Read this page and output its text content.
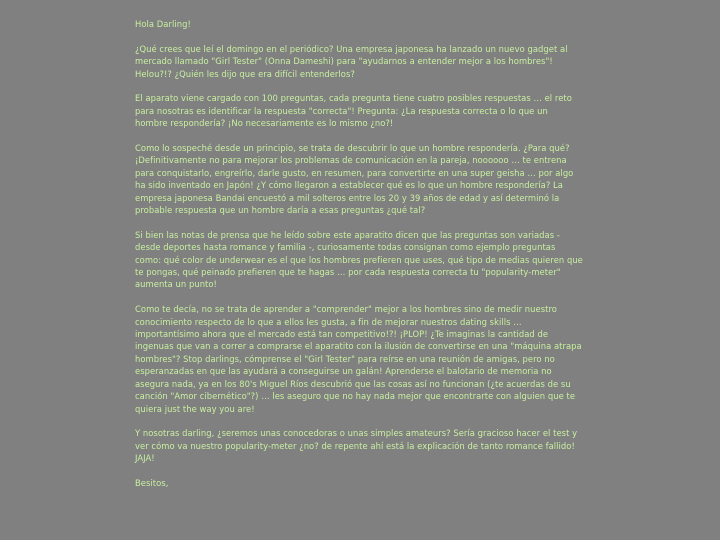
Hola Darling!

¿Qué crees que leí el domingo en el periódico? Una empresa japonesa ha lanzado un nuevo gadget al mercado llamado "Girl Tester" (Onna Dameshi) para "ayudarnos a entender mejor a los hombres"! Helou?!? ¿Quién les dijo que era difícil entenderlos?

El aparato viene cargado con 100 preguntas, cada pregunta tiene cuatro posibles respuestas … el reto para nosotras es identificar la respuesta "correcta"! Pregunta: ¿La respuesta correcta o lo que un hombre respondería? ¡No necesariamente es lo mismo ¿no?!

Como lo sospeché desde un principio, se trata de descubrir lo que un hombre respondería. ¿Para qué? ¡Definitivamente no para mejorar los problemas de comunicación en la pareja, noooooo … te entrena para conquistarlo, engreírlo, darle gusto, en resumen, para convertirte en una super geisha … por algo ha sido inventado en Japón! ¿Y cómo llegaron a establecer qué es lo que un hombre respondería? La empresa japonesa Bandai encuestó a mil solteros entre los 20 y 39 años de edad y así determinó la probable respuesta que un hombre daría a esas preguntas ¿qué tal?

Si bien las notas de prensa que he leído sobre este aparatito dicen que las preguntas son variadas - desde deportes hasta romance y familia -, curiosamente todas consignan como ejemplo preguntas como: qué color de underwear es el que los hombres prefieren que uses, qué tipo de medias quieren que te pongas, qué peinado prefieren que te hagas … por cada respuesta correcta tu "popularity-meter" aumenta un punto!

Como te decía, no se trata de aprender a "comprender" mejor a los hombres sino de medir nuestro conocimiento respecto de lo que a ellos les gusta, a fin de mejorar nuestros dating skills … importantísimo ahora que el mercado está tan competitivo!?! ¡PLOP! ¿Te imaginas la cantidad de ingenuas que van a correr a comprarse el aparatito con la ilusión de convertirse en una "máquina atrapa hombres"? Stop darlings, cómprense el "Girl Tester" para reírse en una reunión de amigas, pero no esperanzadas en que las ayudará a conseguirse un galán! Aprenderse el balotario de memoria no asegura nada, ya en los 80's Miguel Ríos descubrió que las cosas así no funcionan (¿te acuerdas de su canción "Amor cibernético"?) … les aseguro que no hay nada mejor que encontrarte con alguien que te quiera just the way you are!

Y nosotras darling, ¿seremos unas conocedoras o unas simples amateurs? Sería gracioso hacer el test y ver cómo va nuestro popularity-meter ¿no? de repente ahí está la explicación de tanto romance fallido! JAJA!

Besitos,
